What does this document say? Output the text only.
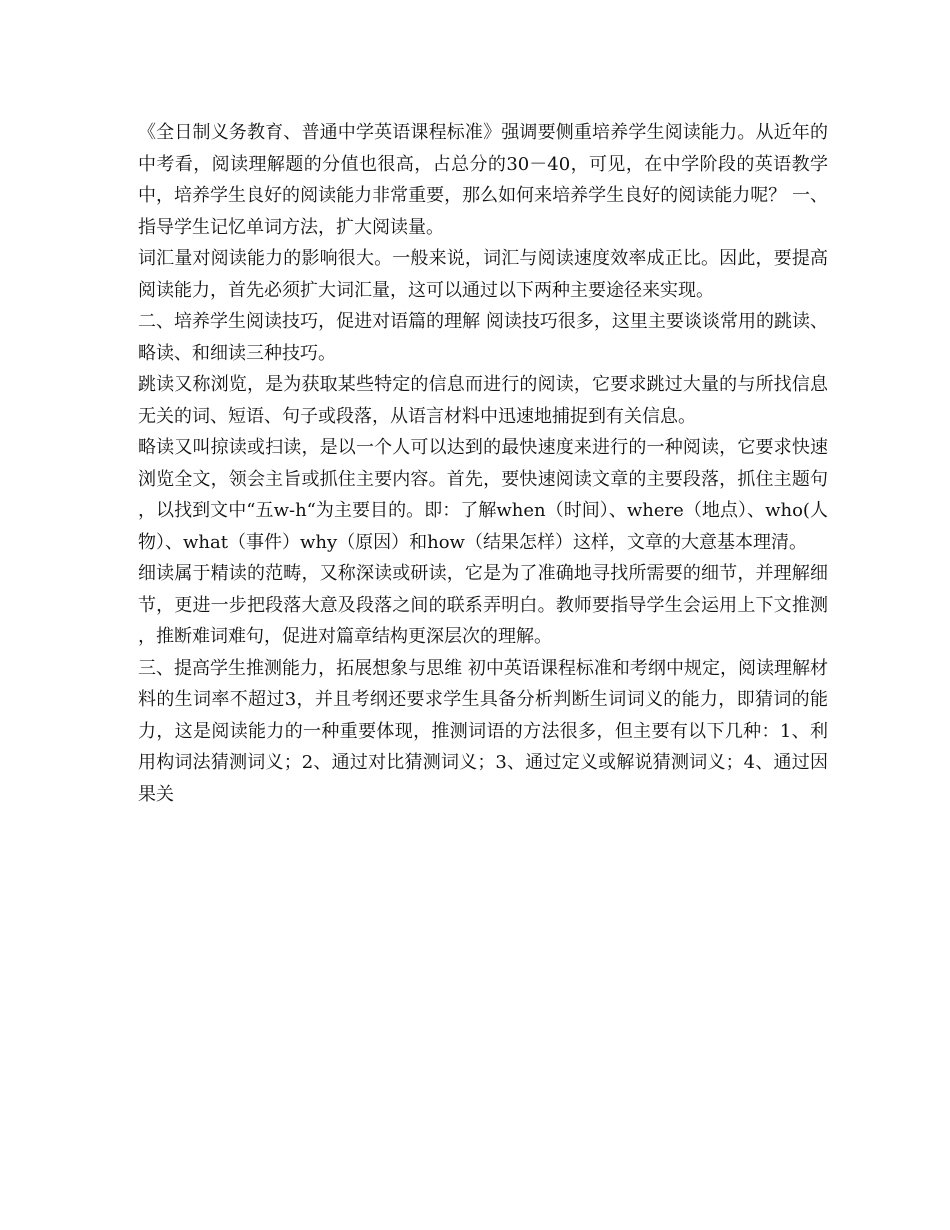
《全日制义务教育、普通中学英语课程标准》强调要侧重培养学生阅读能力。从近年的中考看，阅读理解题的分值也很高，占总分的30－40，可见，在中学阶段的英语教学中，培养学生良好的阅读能力非常重要，那么如何来培养学生良好的阅读能力呢？ 一、指导学生记忆单词方法，扩大阅读量。

词汇量对阅读能力的影响很大。一般来说，词汇与阅读速度效率成正比。因此，要提高阅读能力，首先必须扩大词汇量，这可以通过以下两种主要途径来实现。

二、培养学生阅读技巧，促进对语篇的理解 阅读技巧很多，这里主要谈谈常用的跳读、略读、和细读三种技巧。

跳读又称浏览，是为获取某些特定的信息而进行的阅读，它要求跳过大量的与所找信息无关的词、短语、句子或段落，从语言材料中迅速地捕捉到有关信息。

略读又叫掠读或扫读，是以一个人可以达到的最快速度来进行的一种阅读，它要求快速浏览全文，领会主旨或抓住主要内容。首先，要快速阅读文章的主要段落，抓住主题句，以找到文中“五w-h“为主要目的。即：了解when（时间）、where（地点）、who(人物）、what（事件）why（原因）和how（结果怎样）这样，文章的大意基本理清。

细读属于精读的范畴，又称深读或研读，它是为了准确地寻找所需要的细节，并理解细节，更进一步把段落大意及段落之间的联系弄明白。教师要指导学生会运用上下文推测，推断难词难句，促进对篇章结构更深层次的理解。

三、提高学生推测能力，拓展想象与思维 初中英语课程标准和考纲中规定，阅读理解材料的生词率不超过3，并且考纲还要求学生具备分析判断生词词义的能力，即猜词的能力，这是阅读能力的一种重要体现，推测词语的方法很多，但主要有以下几种：1、利用构词法猜测词义；2、通过对比猜测词义；3、通过定义或解说猜测词义；4、通过因果关
